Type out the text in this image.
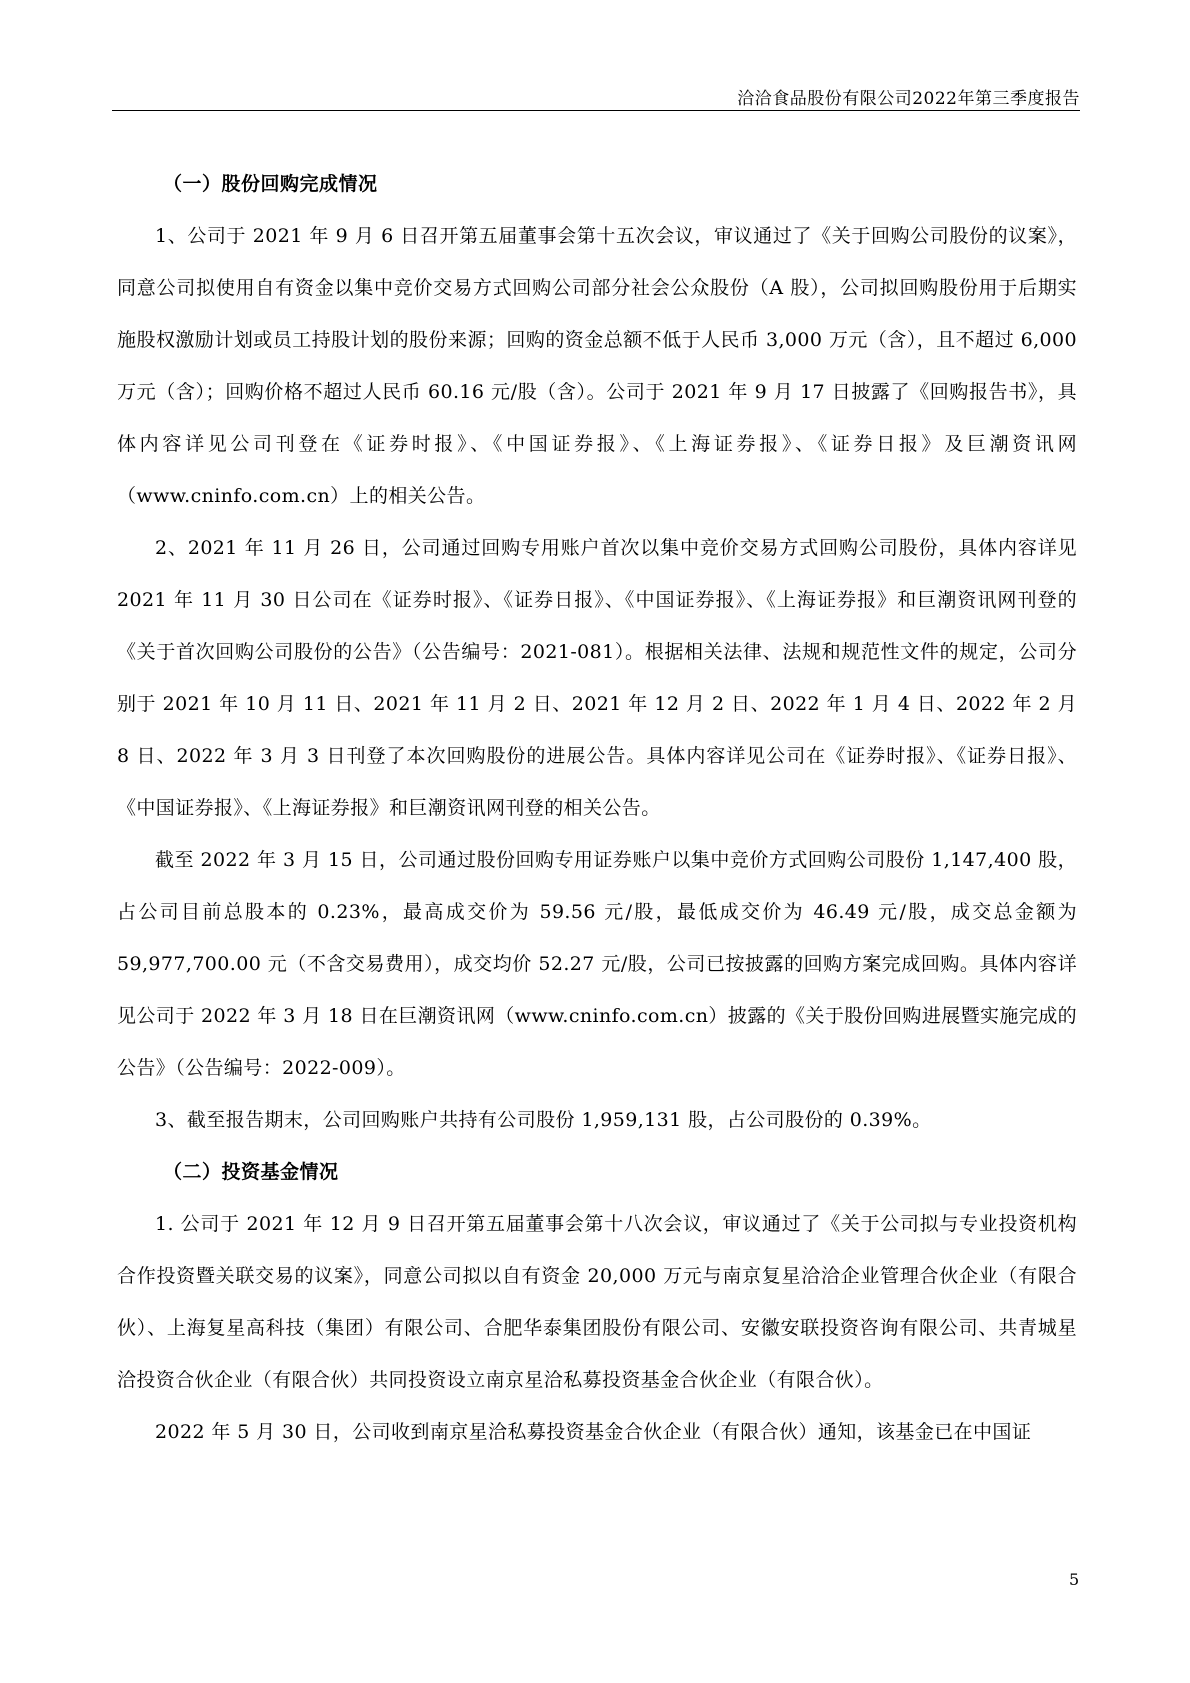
洽洽食品股份有限公司2022年第三季度报告
（一）股份回购完成情况

1、公司于 2021 年 9 月 6 日召开第五届董事会第十五次会议，审议通过了《关于回购公司股份的议案》，同意公司拟使用自有资金以集中竞价交易方式回购公司部分社会公众股份（A 股），公司拟回购股份用于后期实施股权激励计划或员工持股计划的股份来源；回购的资金总额不低于人民币 3,000 万元（含），且不超过 6,000 万元（含）；回购价格不超过人民币 60.16 元/股（含）。公司于 2021 年 9 月 17 日披露了《回购报告书》，具体内容详见公司刊登在《证券时报》、《中国证券报》、《上海证券报》、《证券日报》及巨潮资讯网（www.cninfo.com.cn）上的相关公告。

2、2021 年 11 月 26 日，公司通过回购专用账户首次以集中竞价交易方式回购公司股份，具体内容详见 2021 年 11 月 30 日公司在《证券时报》、《证券日报》、《中国证券报》、《上海证券报》和巨潮资讯网刊登的《关于首次回购公司股份的公告》（公告编号：2021-081）。根据相关法律、法规和规范性文件的规定，公司分别于 2021 年 10 月 11 日、2021 年 11 月 2 日、2021 年 12 月 2 日、2022 年 1 月 4 日、2022 年 2 月 8 日、2022 年 3 月 3 日刊登了本次回购股份的进展公告。具体内容详见公司在《证券时报》、《证券日报》、《中国证券报》、《上海证券报》和巨潮资讯网刊登的相关公告。

截至 2022 年 3 月 15 日，公司通过股份回购专用证券账户以集中竞价方式回购公司股份 1,147,400 股，占公司目前总股本的 0.23%，最高成交价为 59.56 元/股，最低成交价为 46.49 元/股，成交总金额为 59,977,700.00 元（不含交易费用），成交均价 52.27 元/股，公司已按披露的回购方案完成回购。具体内容详见公司于 2022 年 3 月 18 日在巨潮资讯网（www.cninfo.com.cn）披露的《关于股份回购进展暨实施完成的公告》（公告编号：2022-009）。

3、截至报告期末，公司回购账户共持有公司股份 1,959,131 股，占公司股份的 0.39%。

（二）投资基金情况

1. 公司于 2021 年 12 月 9 日召开第五届董事会第十八次会议，审议通过了《关于公司拟与专业投资机构合作投资暨关联交易的议案》，同意公司拟以自有资金 20,000 万元与南京复星洽洽企业管理合伙企业（有限合伙）、上海复星高科技（集团）有限公司、合肥华泰集团股份有限公司、安徽安联投资咨询有限公司、共青城星洽投资合伙企业（有限合伙）共同投资设立南京星洽私募投资基金合伙企业（有限合伙）。

2022 年 5 月 30 日，公司收到南京星洽私募投资基金合伙企业（有限合伙）通知，该基金已在中国证

5
